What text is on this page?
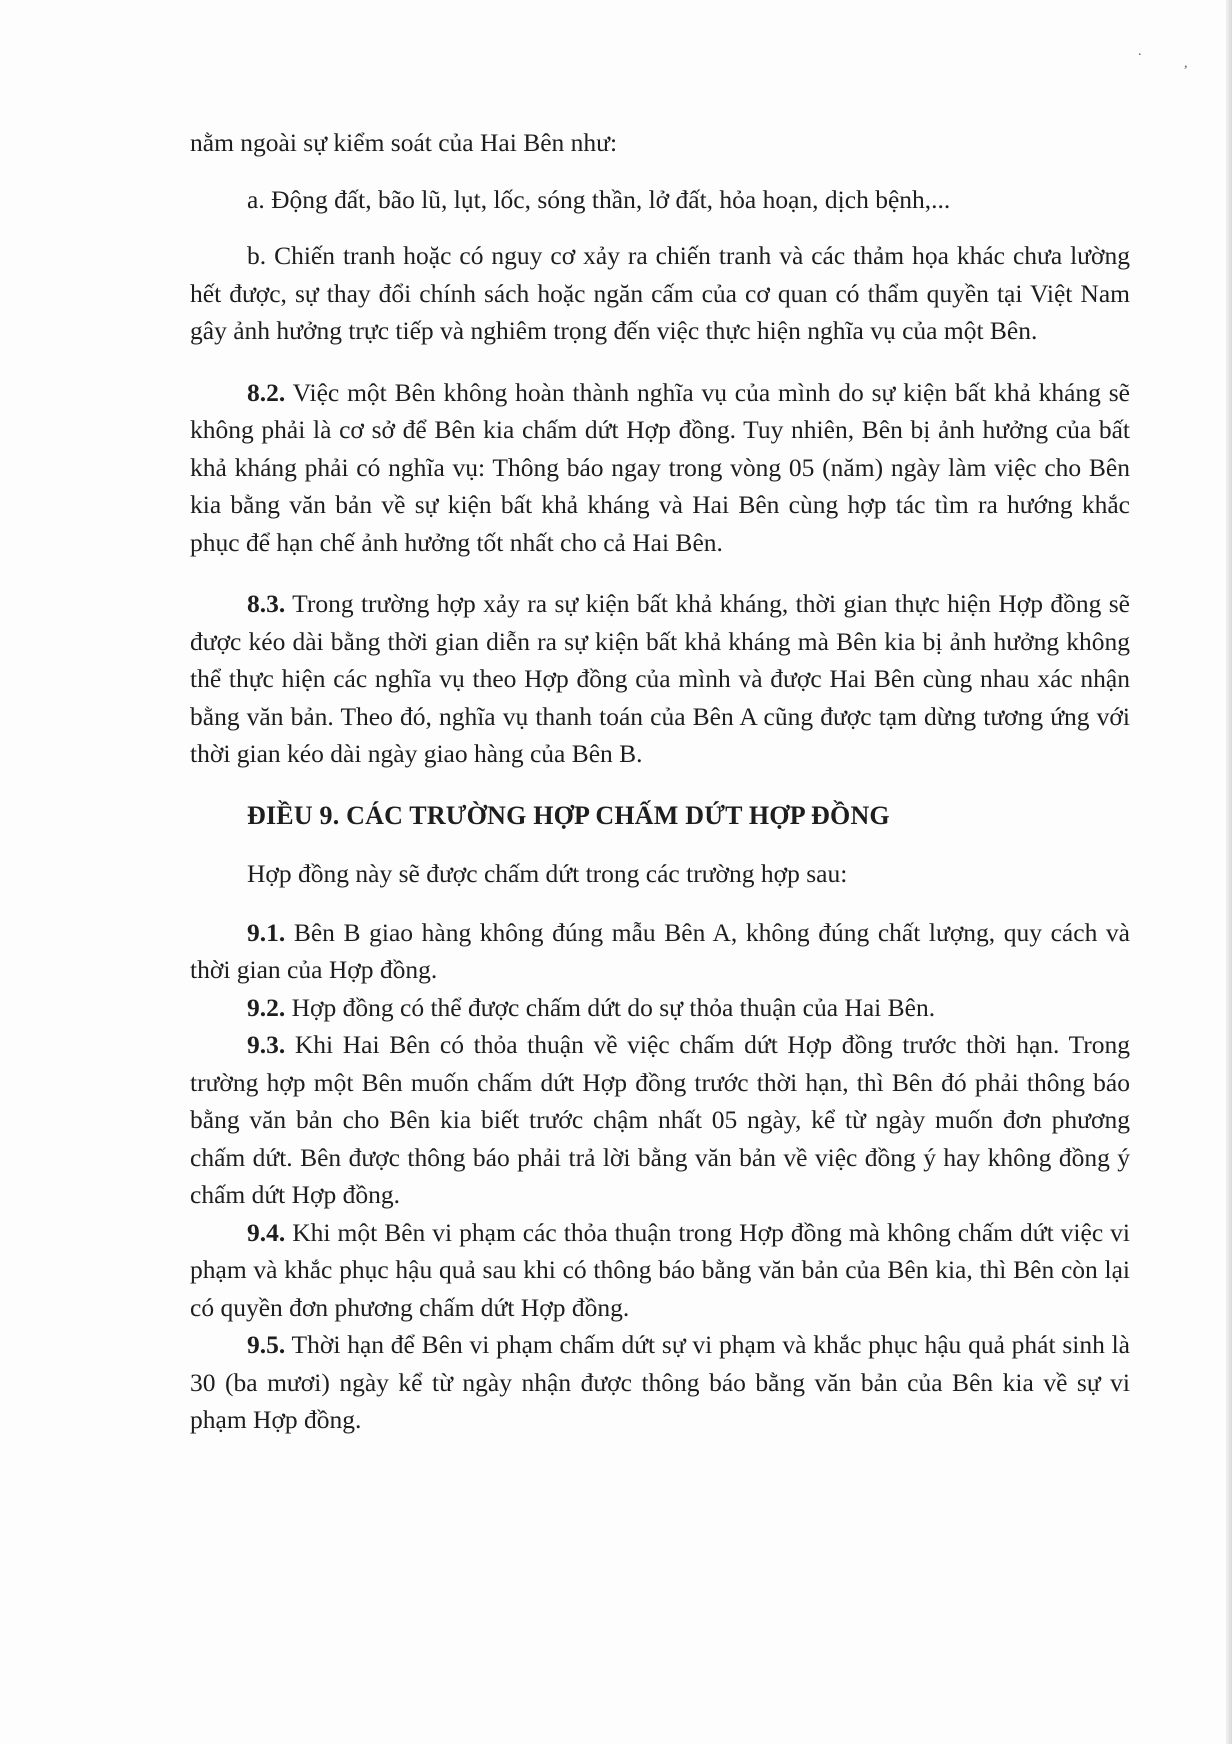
.
,

nằm ngoài sự kiểm soát của Hai Bên như:

a. Động đất, bão lũ, lụt, lốc, sóng thần, lở đất, hỏa hoạn, dịch bệnh,...

b. Chiến tranh hoặc có nguy cơ xảy ra chiến tranh và các thảm họa khác chưa lường hết được, sự thay đổi chính sách hoặc ngăn cấm của cơ quan có thẩm quyền tại Việt Nam gây ảnh hưởng trực tiếp và nghiêm trọng đến việc thực hiện nghĩa vụ của một Bên.

8.2. Việc một Bên không hoàn thành nghĩa vụ của mình do sự kiện bất khả kháng sẽ không phải là cơ sở để Bên kia chấm dứt Hợp đồng. Tuy nhiên, Bên bị ảnh hưởng của bất khả kháng phải có nghĩa vụ: Thông báo ngay trong vòng 05 (năm) ngày làm việc cho Bên kia bằng văn bản về sự kiện bất khả kháng và Hai Bên cùng hợp tác tìm ra hướng khắc phục để hạn chế ảnh hưởng tốt nhất cho cả Hai Bên.

8.3. Trong trường hợp xảy ra sự kiện bất khả kháng, thời gian thực hiện Hợp đồng sẽ được kéo dài bằng thời gian diễn ra sự kiện bất khả kháng mà Bên kia bị ảnh hưởng không thể thực hiện các nghĩa vụ theo Hợp đồng của mình và được Hai Bên cùng nhau xác nhận bằng văn bản. Theo đó, nghĩa vụ thanh toán của Bên A cũng được tạm dừng tương ứng với thời gian kéo dài ngày giao hàng của Bên B.

ĐIỀU 9. CÁC TRƯỜNG HỢP CHẤM DỨT HỢP ĐỒNG

Hợp đồng này sẽ được chấm dứt trong các trường hợp sau:

9.1. Bên B giao hàng không đúng mẫu Bên A, không đúng chất lượng, quy cách và thời gian của Hợp đồng.

9.2. Hợp đồng có thể được chấm dứt do sự thỏa thuận của Hai Bên.

9.3. Khi Hai Bên có thỏa thuận về việc chấm dứt Hợp đồng trước thời hạn. Trong trường hợp một Bên muốn chấm dứt Hợp đồng trước thời hạn, thì Bên đó phải thông báo bằng văn bản cho Bên kia biết trước chậm nhất 05 ngày, kể từ ngày muốn đơn phương chấm dứt. Bên được thông báo phải trả lời bằng văn bản về việc đồng ý hay không đồng ý chấm dứt Hợp đồng.

9.4. Khi một Bên vi phạm các thỏa thuận trong Hợp đồng mà không chấm dứt việc vi phạm và khắc phục hậu quả sau khi có thông báo bằng văn bản của Bên kia, thì Bên còn lại có quyền đơn phương chấm dứt Hợp đồng.

9.5. Thời hạn để Bên vi phạm chấm dứt sự vi phạm và khắc phục hậu quả phát sinh là 30 (ba mươi) ngày kể từ ngày nhận được thông báo bằng văn bản của Bên kia về sự vi phạm Hợp đồng.
